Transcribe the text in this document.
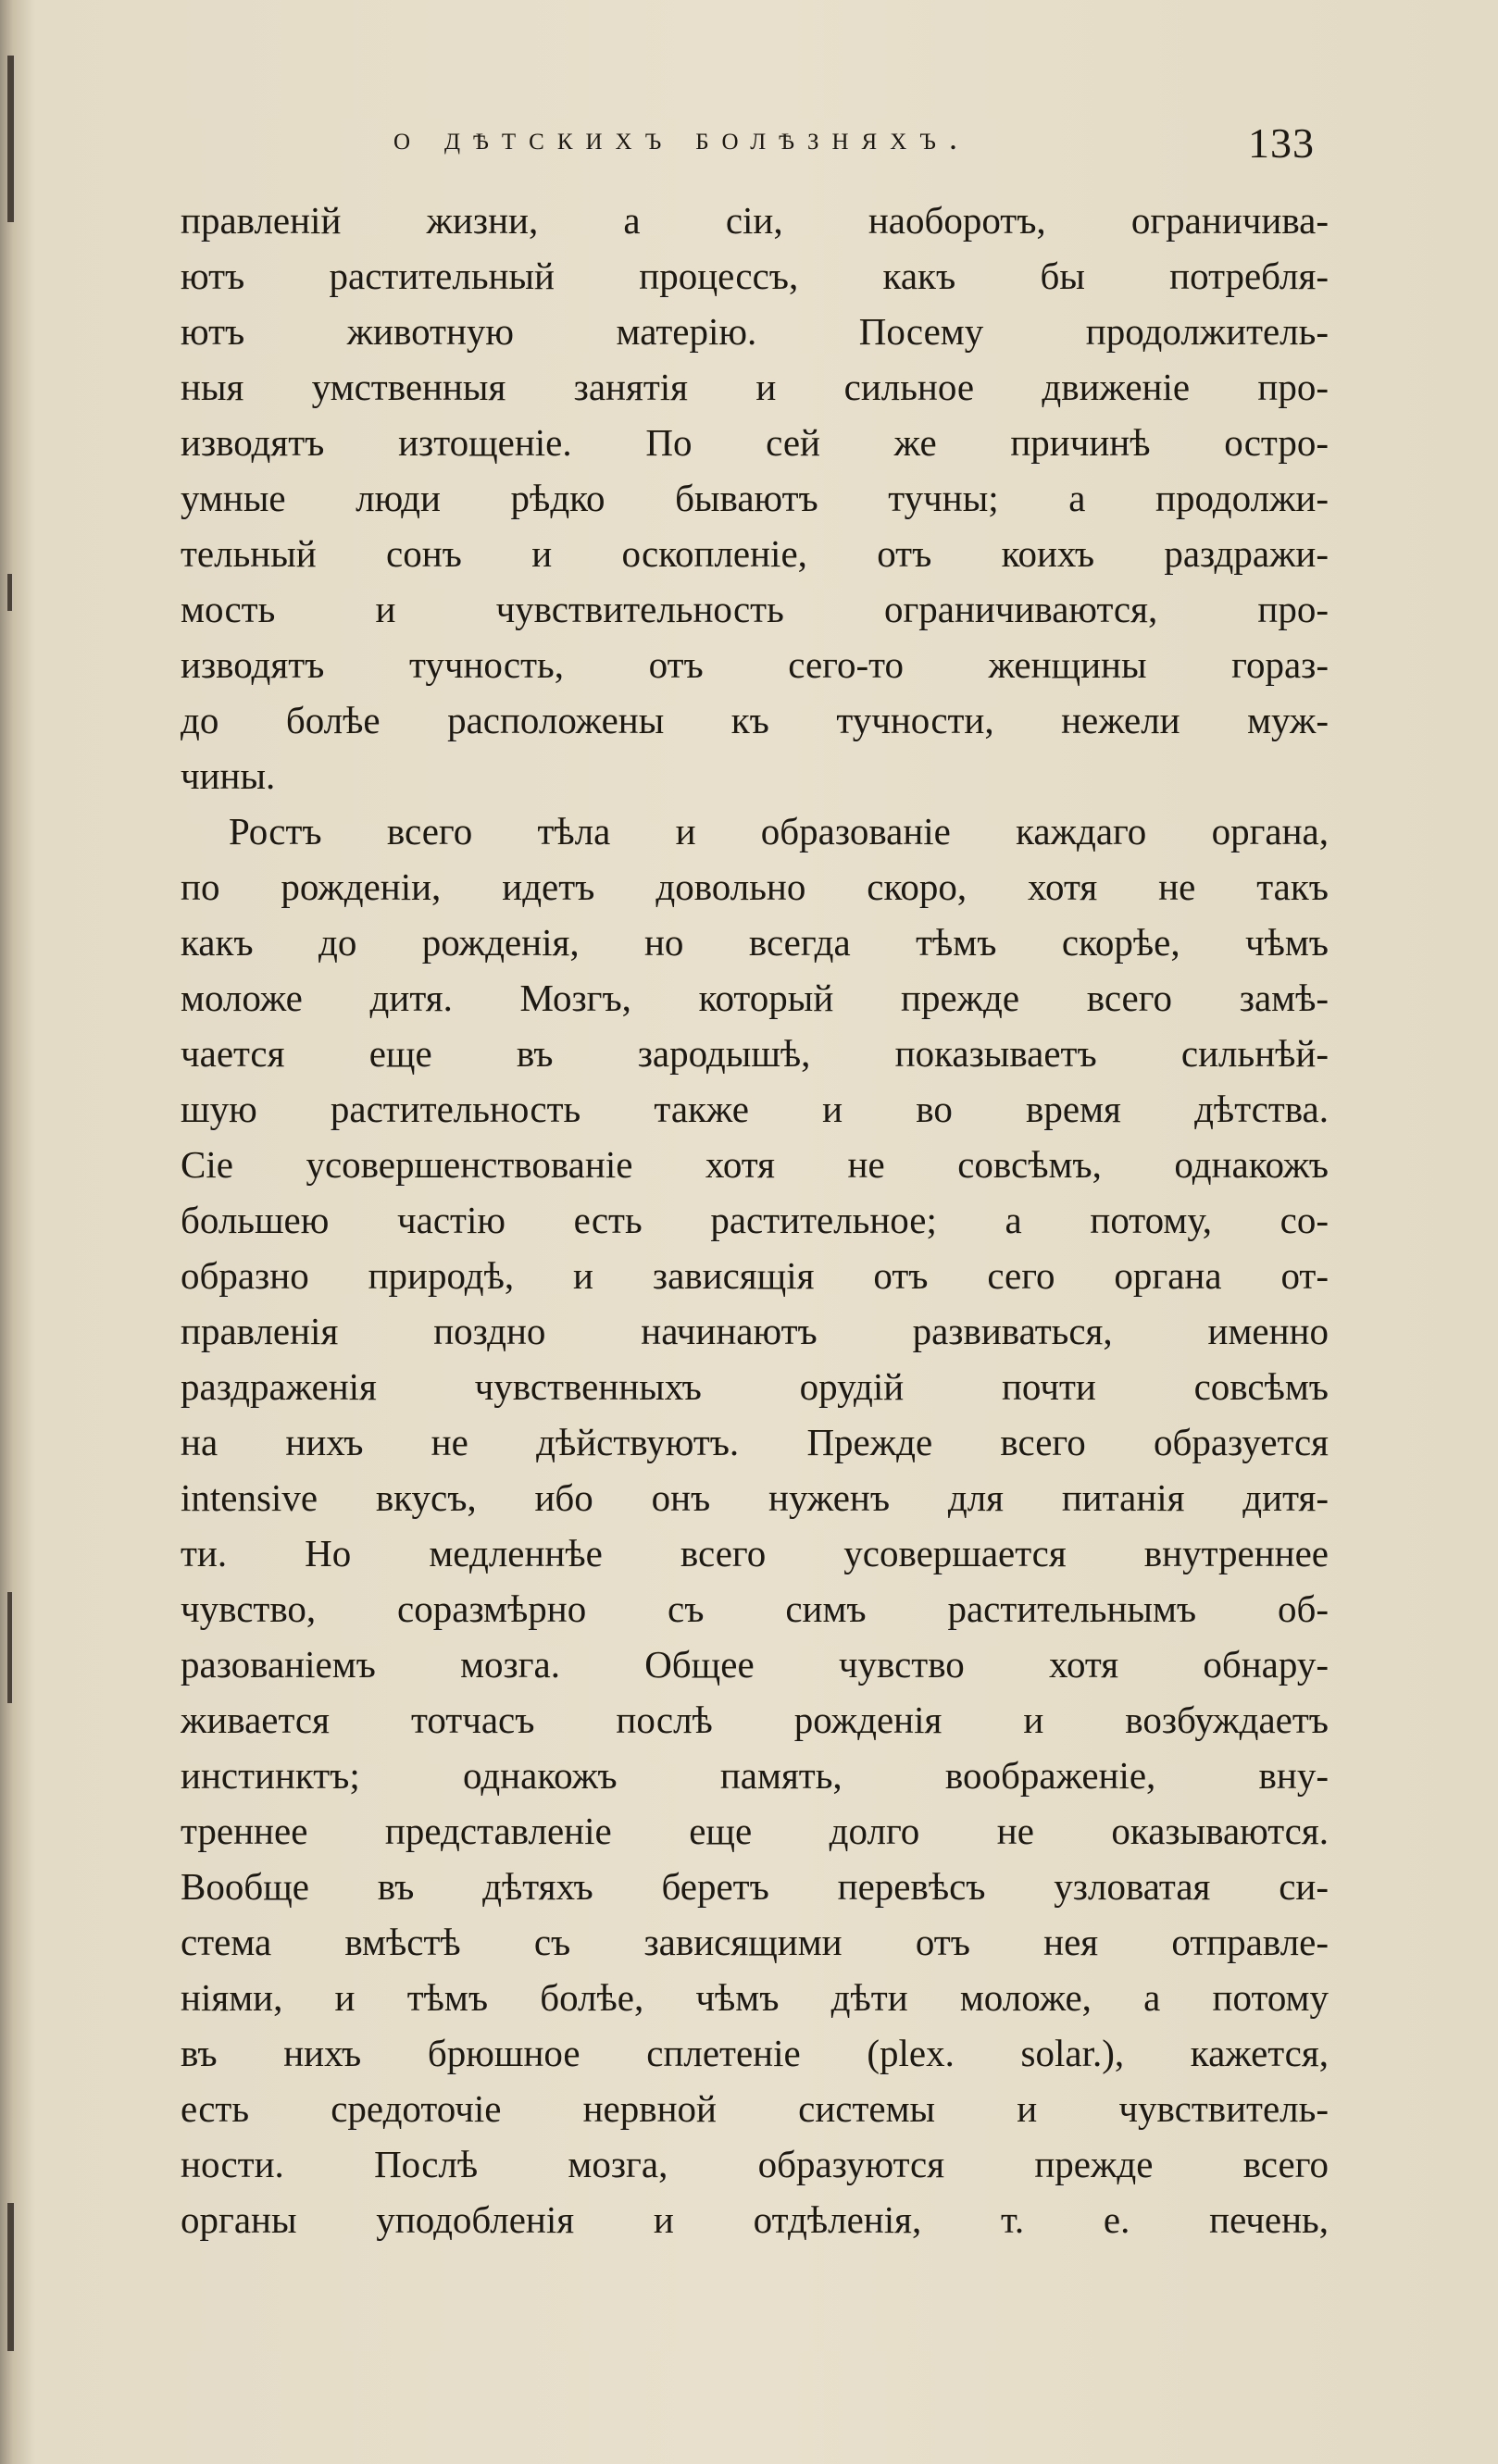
о дѣтскихъ болѣзняхъ.	133
правленій жизни, а сіи, наоборотъ, ограничива-
ютъ растительный процессъ, какъ бы потребля-
ютъ животную матерію. Посему продолжитель-
ныя умственныя занятія и сильное движеніе про-
изводятъ изтощеніе. По сей же причинѣ остро-
умные люди рѣдко бываютъ тучны; а продолжи-
тельный сонъ и оскопленіе, отъ коихъ раздражи-
мость и чувствительность ограничиваются, про-
изводятъ тучность, отъ сего-то женщины горaз-
до болѣе расположены къ тучности, нежели муж-
чины.
Ростъ всего тѣла и образованіе каждаго органа,
по рожденіи, идетъ довольно скоро, хотя не такъ
какъ до рожденія, но всегда тѣмъ скорѣе, чѣмъ
моложе дитя. Мозгъ, который прежде всего замѣ-
чается еще въ зародышѣ, показываетъ сильнѣй-
шую растительность также и во время дѣтства.
Сіе усовершенствованіе хотя не совсѣмъ, однакожъ
большею частію есть растительное; а потому, со-
образно природѣ, и зависящія отъ сего органа от-
правленія поздно начинаютъ развиваться, именно
раздраженія чувственныхъ орудій почти совсѣмъ
на нихъ не дѣйствуютъ. Прежде всего образуется
intensive вкусъ, ибо онъ нуженъ для питанія дитя-
ти. Но медленнѣе всего усовершается внутреннее
чувство, соразмѣрно съ симъ растительнымъ об-
разованіемъ мозга. Общее чувство хотя обнару-
живается тотчасъ послѣ рожденія и возбуждаетъ
инстинктъ; однакожъ память, воображеніе, вну-
треннее представленіе еще долго не оказываются.
Вообще въ дѣтяхъ беретъ перевѣсъ узловатая си-
стема вмѣстѣ съ зависящими отъ нея отправле-
ніями, и тѣмъ болѣе, чѣмъ дѣти моложе, а потому
въ нихъ брюшное сплетеніе (plex. solar.), кажется,
есть средоточіе нервной системы и чувствитель-
ности. Послѣ мозга, образуются прежде всего
органы уподобленія и отдѣленія, т. е. печень,
